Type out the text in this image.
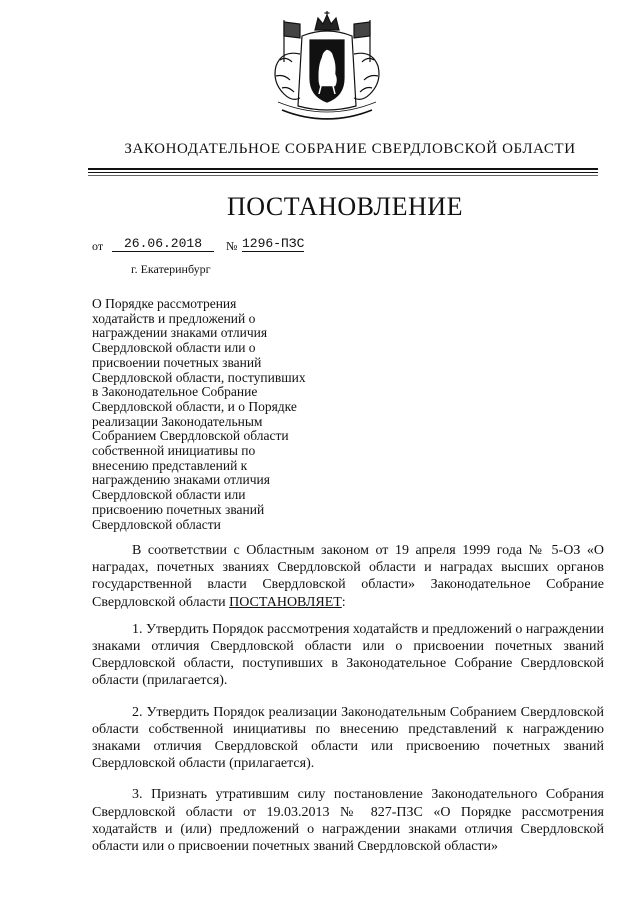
ЗАКОНОДАТЕЛЬНОЕ СОБРАНИЕ СВЕРДЛОВСКОЙ ОБЛАСТИ
ПОСТАНОВЛЕНИЕ
от	26.06.2018	№ 1296-ПЗС
г. Екатеринбург

О Порядке рассмотрения
ходатайств и предложений о
награждении знаками отличия
Свердловской области или о
присвоении почетных званий
Свердловской области, поступивших
в Законодательное Собрание
Свердловской области, и о Порядке
реализации Законодательным
Собранием Свердловской области
собственной инициативы по
внесению представлений к
награждению знаками отличия
Свердловской области или
присвоению почетных званий
Свердловской области

В соответствии с Областным законом от 19 апреля 1999 года № 5-ОЗ «О наградах, почетных званиях Свердловской области и наградах высших органов государственной власти Свердловской области» Законодательное Собрание Свердловской области ПОСТАНОВЛЯЕТ:

1. Утвердить Порядок рассмотрения ходатайств и предложений о награждении знаками отличия Свердловской области или о присвоении почетных званий Свердловской области, поступивших в Законодательное Собрание Свердловской области (прилагается).

2. Утвердить Порядок реализации Законодательным Собранием Свердловской области собственной инициативы по внесению представлений к награждению знаками отличия Свердловской области или присвоению почетных званий Свердловской области (прилагается).

3. Признать утратившим силу постановление Законодательного Собрания Свердловской области от 19.03.2013 № 827-ПЗС «О Порядке рассмотрения ходатайств и (или) предложений о награждении знаками отличия Свердловской области или о присвоении почетных званий Свердловской области»
